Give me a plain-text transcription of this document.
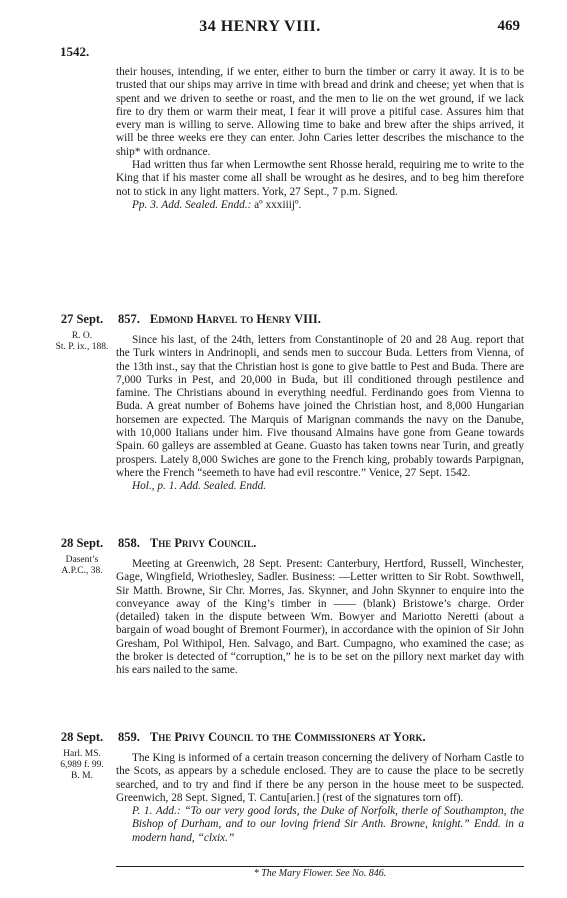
34 HENRY VIII.	469
1542.

their houses, intending, if we enter, either to burn the timber or carry it away. It is to be trusted that our ships may arrive in time with bread and drink and cheese; yet when that is spent and we driven to seethe or roast, and the men to lie on the wet ground, if we lack fire to dry them or warm their meat, I fear it will prove a pitiful case. Assures him that every man is willing to serve. Allowing time to bake and brew after the ships arrived, it will be three weeks ere they can enter. John Caries letter describes the mischance to the ship* with ordnance.

Had written thus far when Lermowthe sent Rhosse herald, requiring me to write to the King that if his master come all shall be wrought as he desires, and to beg him therefore not to stick in any light matters. York, 27 Sept., 7 p.m. Signed.

Pp. 3. Add. Sealed. Endd.: aº xxxiiijº.

27 Sept.
R. O.
St. P. ix., 188.
857. Edmond Harvel to Henry VIII.

Since his last, of the 24th, letters from Constantinople of 20 and 28 Aug. report that the Turk winters in Andrinopli, and sends men to succour Buda. Letters from Vienna, of the 13th inst., say that the Christian host is gone to give battle to Pest and Buda. There are 7,000 Turks in Pest, and 20,000 in Buda, but ill conditioned through pestilence and famine. The Christians abound in everything needful. Ferdinando goes from Vienna to Buda. A great number of Bohems have joined the Christian host, and 8,000 Hungarian horsemen are expected. The Marquis of Marignan commands the navy on the Danube, with 10,000 Italians under him. Five thousand Almains have gone from Geane towards Spain. 60 galleys are assembled at Geane. Guasto has taken towns near Turin, and greatly prospers. Lately 8,000 Swiches are gone to the French king, probably towards Parpignan, where the French “seemeth to have had evil rescontre.” Venice, 27 Sept. 1542.

Hol., p. 1. Add. Sealed. Endd.

28 Sept.
Dasent’s
A.P.C., 38.
858. The Privy Council.

Meeting at Greenwich, 28 Sept. Present: Canterbury, Hertford, Russell, Winchester, Gage, Wingfield, Wriothesley, Sadler. Business: —Letter written to Sir Robt. Sowthwell, Sir Matth. Browne, Sir Chr. Morres, Jas. Skynner, and John Skynner to enquire into the conveyance away of the King’s timber in —— (blank) Bristowe’s charge. Order (detailed) taken in the dispute between Wm. Bowyer and Mariotto Neretti (about a bargain of woad bought of Bremont Fourmer), in accordance with the opinion of Sir John Gresham, Pol Withipol, Hen. Salvago, and Bart. Cumpagno, who examined the case; as the broker is detected of “corruption,” he is to be set on the pillory next market day with his ears nailed to the same.

28 Sept.
Harl. MS.
6,989 f. 99.
B. M.
859. The Privy Council to the Commissioners at York.

The King is informed of a certain treason concerning the delivery of Norham Castle to the Scots, as appears by a schedule enclosed. They are to cause the place to be secretly searched, and to try and find if there be any person in the house meet to be suspected. Greenwich, 28 Sept. Signed, T. Cantu[arien.] (rest of the signatures torn off).

P. 1. Add.: “To our very good lords, the Duke of Norfolk, therle of Southampton, the Bishop of Durham, and to our loving friend Sir Anth. Browne, knight.” Endd. in a modern hand, “clxix.”

* The Mary Flower. See No. 846.
